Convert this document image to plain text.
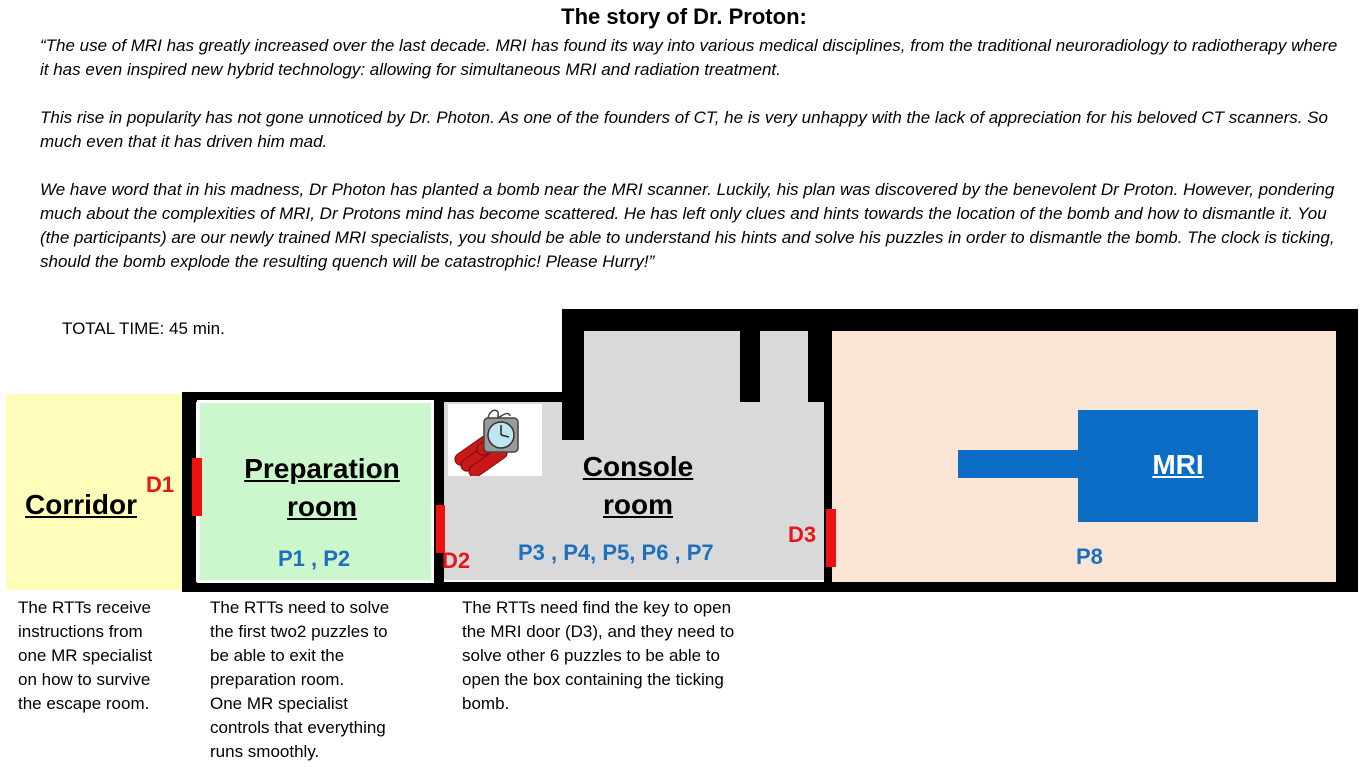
The story of Dr. Proton:

“The use of MRI has greatly increased over the last decade. MRI has found its way into various medical disciplines, from the traditional neuroradiology to radiotherapy where it has even inspired new hybrid technology: allowing for simultaneous MRI and radiation treatment.

This rise in popularity has not gone unnoticed by Dr. Photon. As one of the founders of CT, he is very unhappy with the lack of appreciation for his beloved CT scanners. So much even that it has driven him mad.

We have word that in his madness, Dr Photon has planted a bomb near the MRI scanner. Luckily, his plan was discovered by the benevolent Dr Proton. However, pondering much about the complexities of MRI, Dr Protons mind has become scattered. He has left only clues and hints towards the location of the bomb and how to dismantle it. You (the participants) are our newly trained MRI specialists, you should be able to understand his hints and solve his puzzles in order to dismantle the bomb. The clock is ticking, should the bomb explode the resulting quench will be catastrophic! Please Hurry!”

TOTAL TIME: 45 min.
Corridor
Preparation
room
P1 , P2
Console
room
P3 , P4, P5, P6 , P7
MRI
P8
D1
D2
D3
The RTTs receive
instructions from
one MR specialist
on how to survive
the escape room.
The RTTs need to solve
the first two2 puzzles to
be able to exit the
preparation room.
One MR specialist
controls that everything
runs smoothly.
The RTTs need find the key to open
the MRI door (D3), and they need to
solve other 6 puzzles to be able to
open the box containing the ticking
bomb.
